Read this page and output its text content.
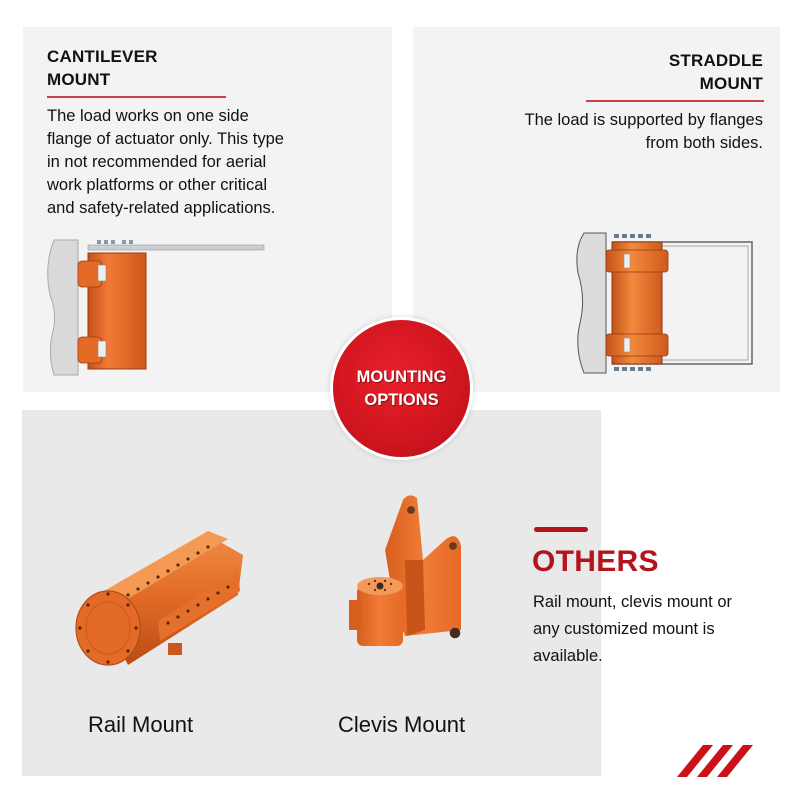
CANTILEVER
MOUNT
The load works on one side
flange of actuator only. This type
in not recommended for aerial
work platforms or other critical
and safety-related applications.
STRADDLE
MOUNT
The load is supported by flanges
from both sides.
Rail Mount	Clevis Mount
OTHERS
Rail mount, clevis mount or
any customized mount is
available.
MOUNTING
OPTIONS
